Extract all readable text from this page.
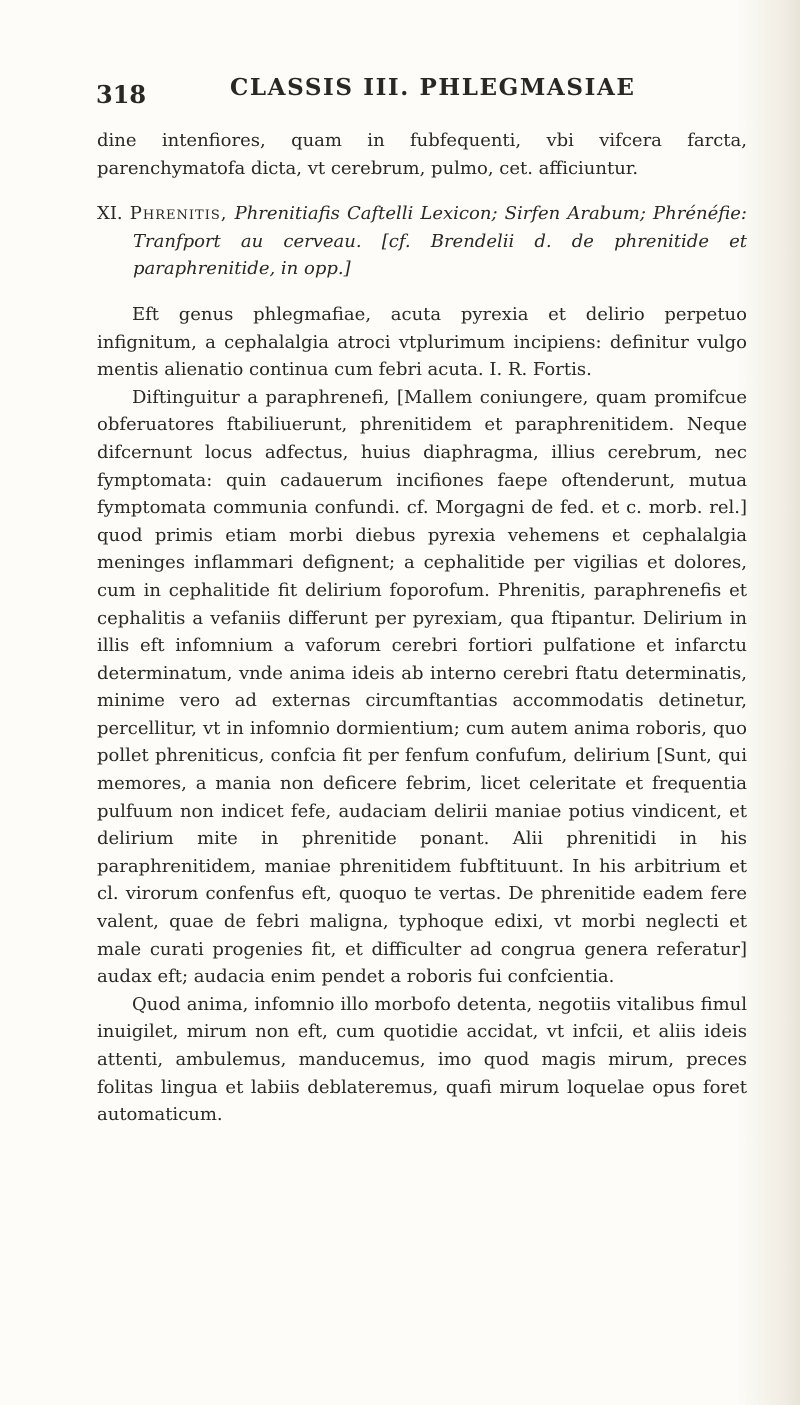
318	CLASSIS III. PHLEGMASIAE

dine intenfiores, quam in fubfequenti, vbi vifcera farcta, parenchymatofa dicta, vt cerebrum, pulmo, cet. afficiuntur.

XI. Phrenitis, Phrenitiafis Caftelli Lexicon; Sirfen Arabum; Phrénéfie: Tranfport au cerveau. [cf. Brendelii d. de phrenitide et paraphrenitide, in opp.]

Eft genus phlegmafiae, acuta pyrexia et delirio perpetuo infignitum, a cephalalgia atroci vtplurimum incipiens: definitur vulgo mentis alienatio continua cum febri acuta. I. R. Fortis.

Diftinguitur a paraphrenefi, [Mallem coniungere, quam promifcue obferuatores ftabiliuerunt, phrenitidem et paraphrenitidem. Neque difcernunt locus adfectus, huius diaphragma, illius cerebrum, nec fymptomata: quin cadauerum incifiones faepe oftenderunt, mutua fymptomata communia confundi. cf. Morgagni de fed. et c. morb. rel.] quod primis etiam morbi diebus pyrexia vehemens et cephalalgia meninges inflammari defignent; a cephalitide per vigilias et dolores, cum in cephalitide fit delirium foporofum. Phrenitis, paraphrenefis et cephalitis a vefaniis differunt per pyrexiam, qua ftipantur. Delirium in illis eft infomnium a vaforum cerebri fortiori pulfatione et infarctu determinatum, vnde anima ideis ab interno cerebri ftatu determinatis, minime vero ad externas circumftantias accommodatis detinetur, percellitur, vt in infomnio dormientium; cum autem anima roboris, quo pollet phreniticus, confcia fit per fenfum confufum, delirium [Sunt, qui memores, a mania non deficere febrim, licet celeritate et frequentia pulfuum non indicet fefe, audaciam delirii maniae potius vindicent, et delirium mite in phrenitide ponant. Alii phrenitidi in his paraphrenitidem, maniae phrenitidem fubftituunt. In his arbitrium et cl. virorum confenfus eft, quoquo te vertas. De phrenitide eadem fere valent, quae de febri maligna, typhoque edixi, vt morbi neglecti et male curati progenies fit, et difficulter ad congrua genera referatur] audax eft; audacia enim pendet a roboris fui confcientia.

Quod anima, infomnio illo morbofo detenta, negotiis vitalibus fimul inuigilet, mirum non eft, cum quotidie accidat, vt infcii, et aliis ideis attenti, ambulemus, manducemus, imo quod magis mirum, preces folitas lingua et labiis deblateremus, quafi mirum loquelae opus foret automaticum.
